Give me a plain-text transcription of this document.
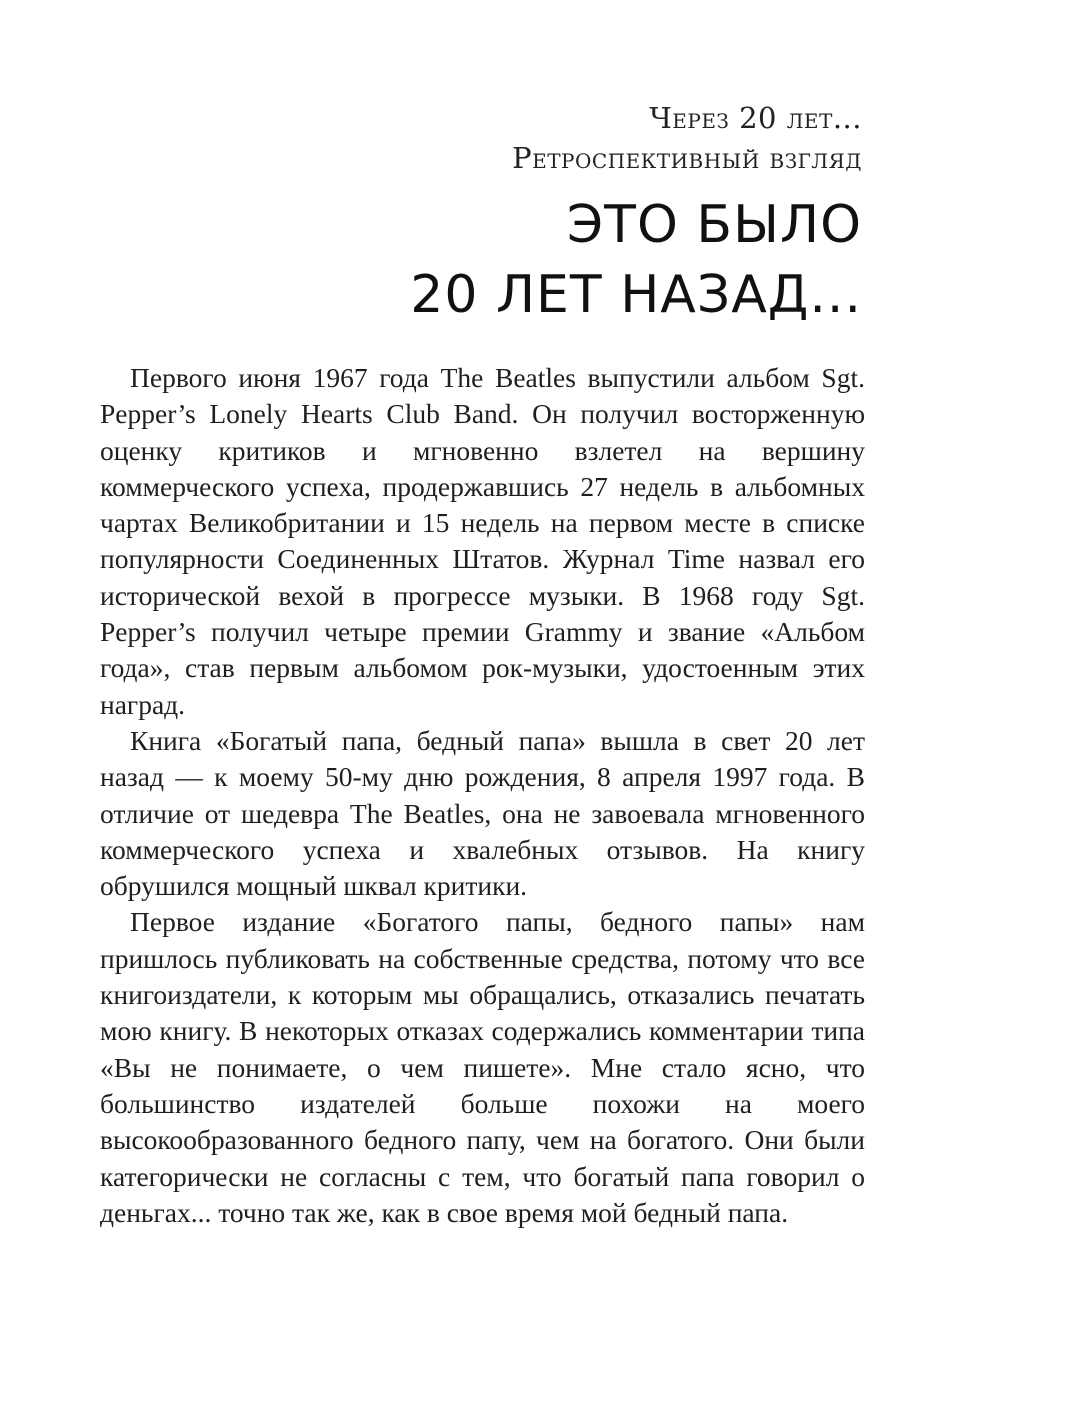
Через 20 лет...
Ретроспективный взгляд
ЭТО БЫЛО
20 ЛЕТ НАЗАД...

Первого июня 1967 года The Beatles выпустили альбом Sgt. Pepper’s Lonely Hearts Club Band. Он получил восторженную оценку критиков и мгновенно взлетел на вершину коммерческого успеха, продержавшись 27 недель в альбомных чартах Великобритании и 15 недель на первом месте в списке популярности Соединенных Штатов. Журнал Time назвал его исторической вехой в прогрессе музыки. В 1968 году Sgt. Pepper’s получил четыре премии Grammy и звание «Альбом года», став первым альбомом рок-музыки, удостоенным этих наград.

Книга «Богатый папа, бедный папа» вышла в свет 20 лет назад — к моему 50-му дню рождения, 8 апреля 1997 года. В отличие от шедевра The Beatles, она не завоевала мгновенного коммерческого успеха и хвалебных отзывов. На книгу обрушился мощный шквал критики.

Первое издание «Богатого папы, бедного папы» нам пришлось публиковать на собственные средства, потому что все книгоиздатели, к которым мы обращались, отказались печатать мою книгу. В некоторых отказах содержались комментарии типа «Вы не понимаете, о чем пишете». Мне стало ясно, что большинство издателей больше похожи на моего высокообразованного бедного папу, чем на богатого. Они были категорически не согласны с тем, что богатый папа говорил о деньгах... точно так же, как в свое время мой бедный папа.
